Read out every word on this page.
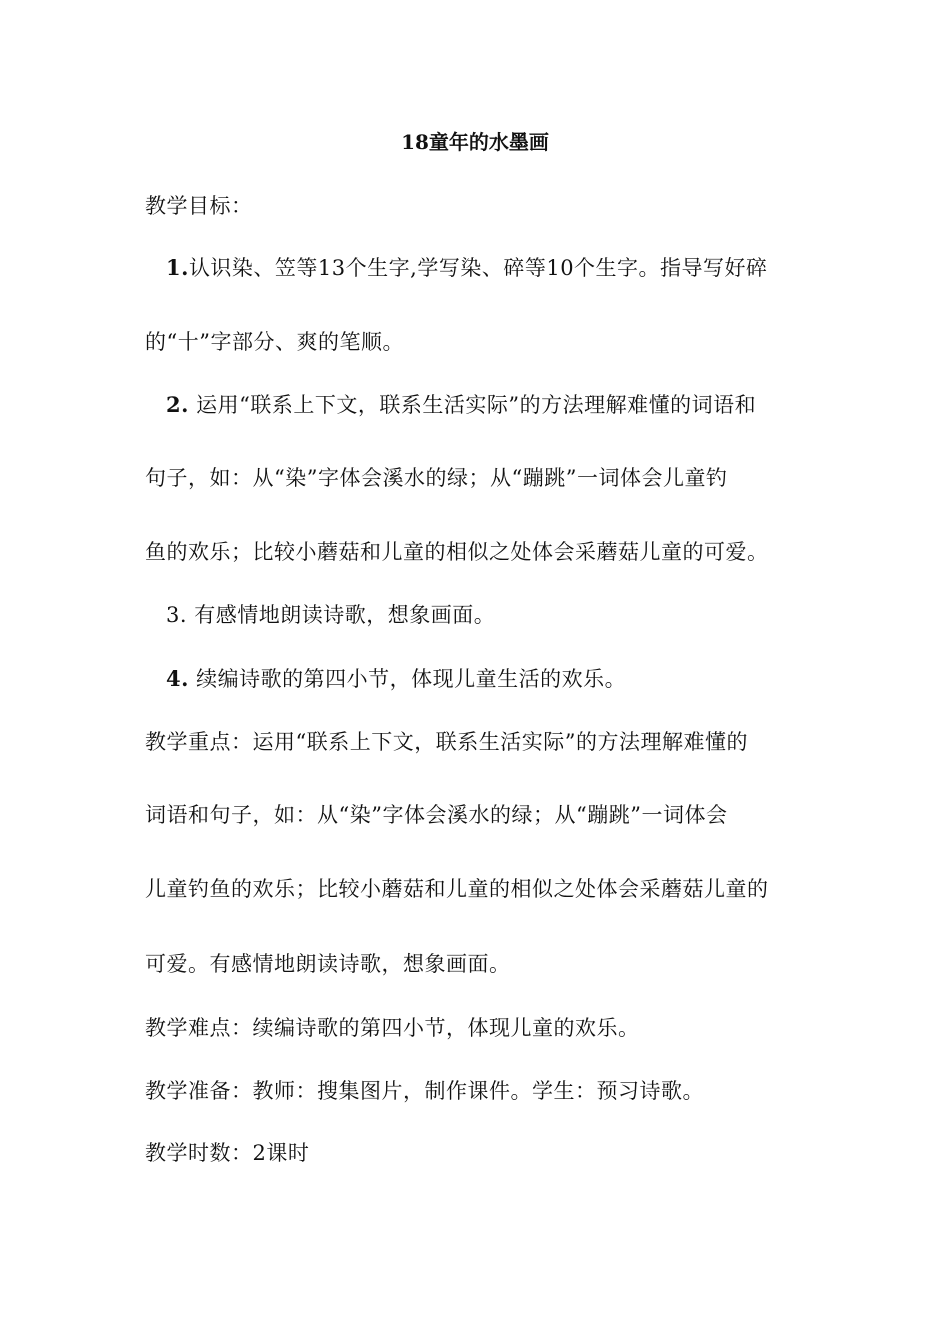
18童年的水墨画
教学目标：
1.认识染、笠等13个生字,学写染、碎等10个生字。指导写好碎
的“十”字部分、爽的笔顺。
2. 运用“联系上下文，联系生活实际”的方法理解难懂的词语和
句子，如：从“染”字体会溪水的绿；从“蹦跳”一词体会儿童钓
鱼的欢乐；比较小蘑菇和儿童的相似之处体会采蘑菇儿童的可爱。
3. 有感情地朗读诗歌，想象画面。
4. 续编诗歌的第四小节，体现儿童生活的欢乐。
教学重点：运用“联系上下文，联系生活实际”的方法理解难懂的
词语和句子，如：从“染”字体会溪水的绿；从“蹦跳”一词体会
儿童钓鱼的欢乐；比较小蘑菇和儿童的相似之处体会采蘑菇儿童的
可爱。有感情地朗读诗歌，想象画面。
教学难点：续编诗歌的第四小节，体现儿童的欢乐。
教学准备：教师：搜集图片，制作课件。学生：预习诗歌。
教学时数：2课时
